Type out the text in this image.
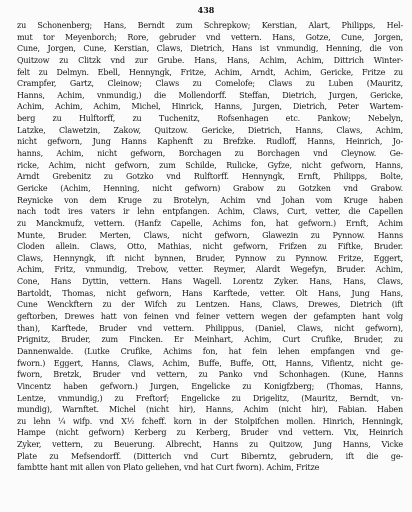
438
zu Schonenberg; Hans, Berndt zum Schrepkow; Kerstian, Alart, Philipps, Hel-
mut tor Meyenborch; Rore, gebruder vnd vettern. Hans, Gotze, Cune, Jorgen,
Cune, Jorgen, Cune, Kerstian, Claws, Dietrich, Hans ist vnmundig, Henning, die von
Quitzow zu Clitzk vnd zur Grube. Hans, Hans, Achim, Achim, Dittrich Winter-
felt zu Delmyn. Ebell, Hennyngk, Fritze, Achim, Arndt, Achim, Gericke, Fritze zu
Crampfer, Gartz, Cleinow; Claws zu Comelofe; Claws zu Luben (Mauritz,
Hanns, Achim, vnmundig,) die Mollendorff. Steffan, Dietrich, Jurgen, Gericke,
Achim, Achim, Achim, Michel, Hinrick, Hanns, Jurgen, Dietrich, Peter Wartem-
berg zu Hulftorff, zu Tuchenitz, Rofsenhagen etc. Pankow; Nebelyn,
Latzke, Clawetzin, Zakow, Quitzow. Gericke, Dietrich, Hanns, Claws, Achim,
nicht gefworn, Jung Hanns Kaphenft zu Brefzke. Rudloff, Hanns, Heinrich, Jo-
hanns, Achim, nicht gefworn, Borchagen zu Borchagen vnd Cleynow. Ge-
ricke, Achim, nicht gefworn, zum Schilde, Rulicke, Gyfze, nicht gefworn, Hanns,
Arndt Grebenitz zu Gotzko vnd Rulftorff. Hennyngk, Ernft, Philipps, Bolte,
Gericke (Achim, Henning, nicht gefworn) Grabow zu Gotzken vnd Grabow.
Reynicke von dem Kruge zu Brotelyn, Achim vnd Johan vom Kruge haben
nach todt ires vaters ir lehn entpfangen. Achim, Claws, Curt, vetter, die Capellen
zu Manckmufz, vettern. (Hanfz Capelle, Achims fon, hat gefworn.) Ernft, Achim
Munte, Bruder. Merten, Claws, nicht gefworn, Glawezin zu Pynnow. Hanns
Cloden allein. Claws, Otto, Mathias, nicht gefworn, Frifzen zu Fiftke, Bruder.
Claws, Hennyngk, ift nicht bynnen, Bruder, Pynnow zu Pynnow. Fritze, Eggert,
Achim, Fritz, vnmundig, Trebow, vetter. Reymer, Alardt Wegefyn, Bruder. Achim,
Cone, Hans Dyttin, vettern. Hans Wagell. Lorentz Zyker. Hans, Hans, Claws,
Bartoldt, Thomas, nicht gefworn, Hans Karftede, vetter. Olt Hans, Jung Hans,
Cune Wenckftern zu der Wifch zu Lentzen. Hans, Claws, Drewes, Dietrich (ift
geftorben, Drewes hatt von feinen vnd feiner vettern wegen der gefampten hant volg
than), Karftede, Bruder vnd vettern. Philippus, (Daniel, Claws, nicht gefworn),
Prignitz, Bruder, zum Fincken. Er Meinhart, Achim, Curt Crufike, Bruder, zu
Dannenwalde. (Lutke Crufike, Achims fon, hat fein lehen empfangen vnd ge-
fworn.) Eggert, Hanns, Claws, Achim, Buffe, Buffe, Ott, Hanns, Vifientz, nicht ge-
fworn, Bretzk, Bruder vnd vettern, zu Panko vnd Schonhagen. (Kune, Hanns
Vincentz haben gefworn.) Jurgen, Engelicke zu Konigfzberg; (Thomas, Hanns,
Lentze, vnmundig,) zu Freftorf; Engelicke zu Drigelitz, (Mauritz, Berndt, vn-
mundig), Warnftet. Michel (nicht hir), Hanns, Achim (nicht hir), Fabian. Haben
zu lehn ¼ wifp. vnd X½ fcheff. korn in der Stolpifchen mollen. Hinrich, Henningk,
Hampe (nicht gefworn) Kerberg zu Kerberg, Bruder vnd vettern. Vix, Heinrich
Zyker, vettern, zu Beuerung. Albrecht, Hanns zu Quitzow, Jung Hanns, Vicke
Plate zu Mefsendorff. (Ditterich vnd Curt Biberntz, gebrudern, ift die ge-
fambtte hant mit allen von Plato geliehen, vnd hat Curt fworn). Achim, Fritze
